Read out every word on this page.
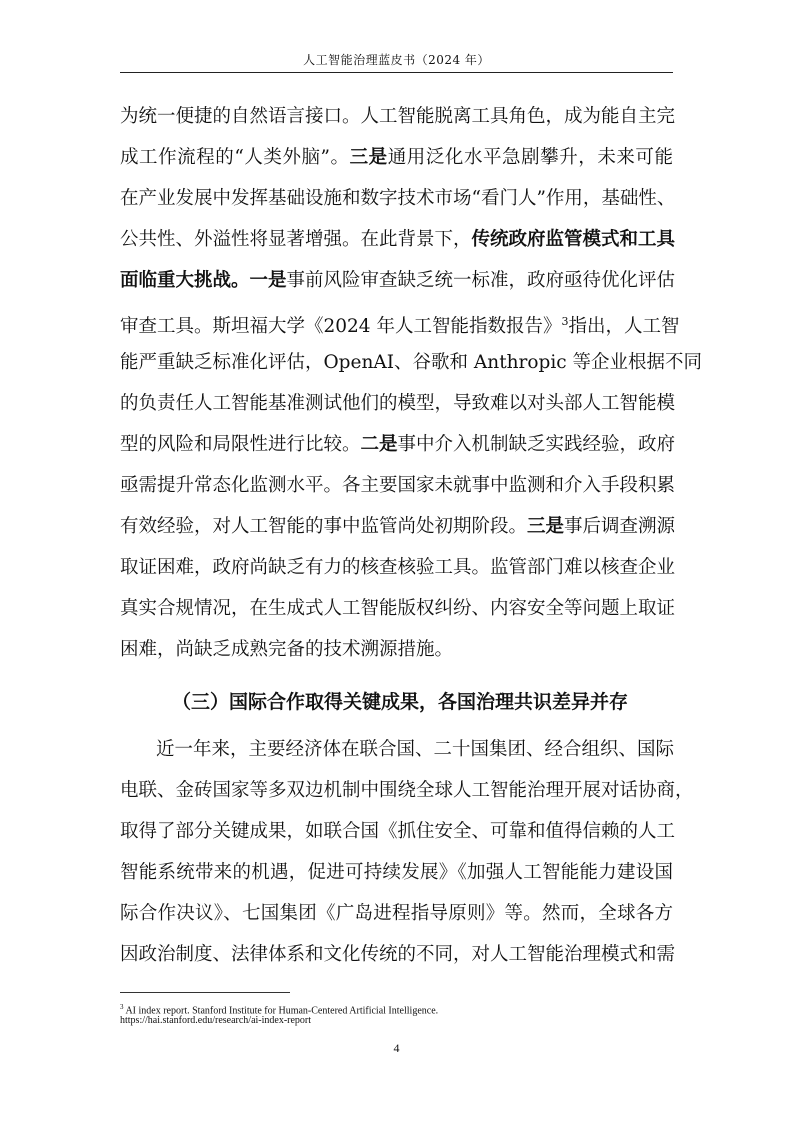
人工智能治理蓝皮书（2024 年）
为统一便捷的自然语言接口。人工智能脱离工具角色，成为能自主完
成工作流程的“人类外脑”。三是通用泛化水平急剧攀升，未来可能
在产业发展中发挥基础设施和数字技术市场“看门人”作用，基础性、
公共性、外溢性将显著增强。在此背景下，传统政府监管模式和工具
面临重大挑战。一是事前风险审查缺乏统一标准，政府亟待优化评估
审查工具。斯坦福大学《2024 年人工智能指数报告》$^3$指出，人工智
能严重缺乏标准化评估，OpenAI、谷歌和 Anthropic 等企业根据不同
的负责任人工智能基准测试他们的模型，导致难以对头部人工智能模
型的风险和局限性进行比较。二是事中介入机制缺乏实践经验，政府
亟需提升常态化监测水平。各主要国家未就事中监测和介入手段积累
有效经验，对人工智能的事中监管尚处初期阶段。三是事后调查溯源
取证困难，政府尚缺乏有力的核查核验工具。监管部门难以核查企业
真实合规情况，在生成式人工智能版权纠纷、内容安全等问题上取证
困难，尚缺乏成熟完备的技术溯源措施。
（三）国际合作取得关键成果，各国治理共识差异并存
近一年来，主要经济体在联合国、二十国集团、经合组织、国际
电联、金砖国家等多双边机制中围绕全球人工智能治理开展对话协商，
取得了部分关键成果，如联合国《抓住安全、可靠和值得信赖的人工
智能系统带来的机遇，促进可持续发展》《加强人工智能能力建设国
际合作决议》、七国集团《广岛进程指导原则》等。然而，全球各方
因政治制度、法律体系和文化传统的不同，对人工智能治理模式和需
$^3$ AI index report. Stanford Institute for Human-Centered Artificial Intelligence.
https://hai.stanford.edu/research/ai-index-report
4
